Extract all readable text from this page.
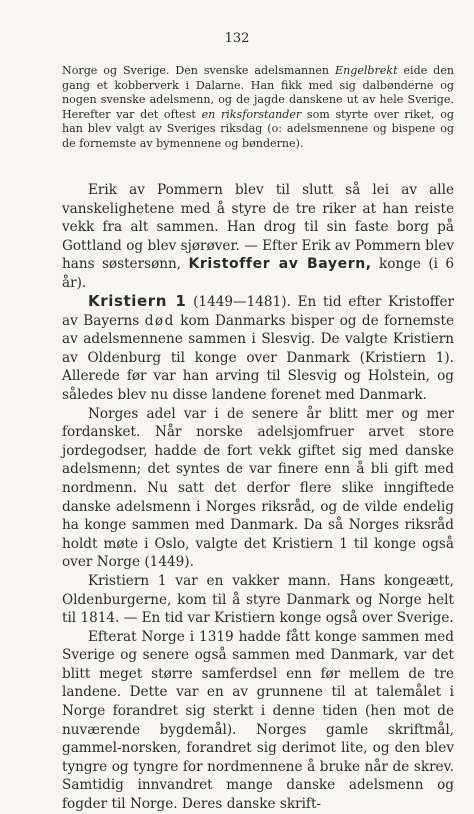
132
Norge og Sverige. Den svenske adelsmannen Engelbrekt eide den gang et kobberverk i Dalarne. Han fikk med sig dalbønderne og nogen svenske adelsmenn, og de jagde danskene ut av hele Sverige. Herefter var det oftest en riksforstander som styrte over riket, og han blev valgt av Sveriges riksdag (o: adelsmennene og bispene og de fornemste av bymennene og bønderne).
Erik av Pommern blev til slutt så lei av alle vanskelighetene med å styre de tre riker at han reiste vekk fra alt sammen. Han drog til sin faste borg på Gottland og blev sjørøver. — Efter Erik av Pommern blev hans søstersønn, Kristoffer av Bayern, konge (i 6 år).

Kristiern 1 (1449—1481). En tid efter Kristoffer av Bayerns død kom Danmarks bisper og de fornemste av adelsmennene sammen i Slesvig. De valgte Kristiern av Oldenburg til konge over Danmark (Kristiern 1). Allerede før var han arving til Slesvig og Holstein, og således blev nu disse landene forenet med Danmark.

Norges adel var i de senere år blitt mer og mer fordansket. Når norske adelsjomfruer arvet store jordegodser, hadde de fort vekk giftet sig med danske adelsmenn; det syntes de var finere enn å bli gift med nordmenn. Nu satt det derfor flere slike inngiftede danske adelsmenn i Norges riksråd, og de vilde endelig ha konge sammen med Danmark. Da så Norges riksråd holdt møte i Oslo, valgte det Kristiern 1 til konge også over Norge (1449).

Kristiern 1 var en vakker mann. Hans kongeætt, Oldenburgerne, kom til å styre Danmark og Norge helt til 1814. — En tid var Kristiern konge også over Sverige.

Efterat Norge i 1319 hadde fått konge sammen med Sverige og senere også sammen med Danmark, var det blitt meget større samferdsel enn før mellem de tre landene. Dette var en av grunnene til at talemålet i Norge forandret sig sterkt i denne tiden (hen mot de nuværende bygdemål). Norges gamle skriftmål, gammel-norsken, forandret sig derimot lite, og den blev tyngre og tyngre for nordmennene å bruke når de skrev. Samtidig innvandret mange danske adelsmenn og fogder til Norge. Deres danske skrift-
